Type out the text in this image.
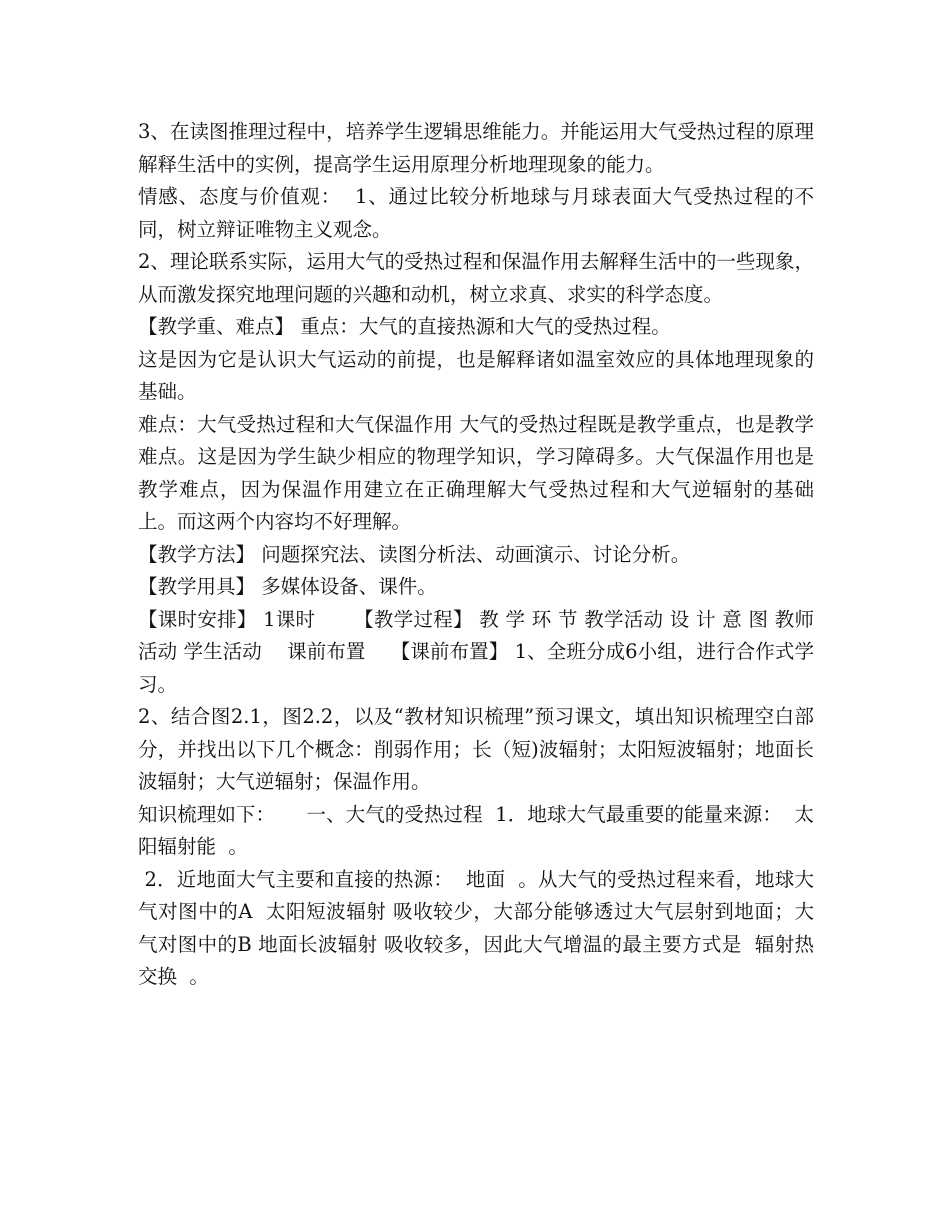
3、在读图推理过程中，培养学生逻辑思维能力。并能运用大气受热过程的原理解释生活中的实例，提高学生运用原理分析地理现象的能力。

情感、态度与价值观：  1、通过比较分析地球与月球表面大气受热过程的不同，树立辩证唯物主义观念。

2、理论联系实际，运用大气的受热过程和保温作用去解释生活中的一些现象，从而激发探究地理问题的兴趣和动机，树立求真、求实的科学态度。

【教学重、难点】 重点：大气的直接热源和大气的受热过程。

这是因为它是认识大气运动的前提，也是解释诸如温室效应的具体地理现象的基础。

难点：大气受热过程和大气保温作用 大气的受热过程既是教学重点，也是教学难点。这是因为学生缺少相应的物理学知识，学习障碍多。大气保温作用也是教学难点，因为保温作用建立在正确理解大气受热过程和大气逆辐射的基础上。而这两个内容均不好理解。

【教学方法】 问题探究法、读图分析法、动画演示、讨论分析。

【教学用具】 多媒体设备、课件。

【课时安排】 1课时      【教学过程】 教 学 环 节 教学活动 设 计 意 图 教师活动 学生活动    课前布置    【课前布置】 1、全班分成6小组，进行合作式学习。

2、结合图2.1，图2.2，以及“教材知识梳理”预习课文，填出知识梳理空白部分，并找出以下几个概念：削弱作用；长（短)波辐射；太阳短波辐射；地面长波辐射；大气逆辐射；保温作用。

知识梳理如下：     一、大气的受热过程  1．地球大气最重要的能量来源：  太阳辐射能  。

2．近地面大气主要和直接的热源：  地面  。从大气的受热过程来看，地球大气对图中的A  太阳短波辐射 吸收较少，大部分能够透过大气层射到地面；大气对图中的B 地面长波辐射 吸收较多，因此大气增温的最主要方式是  辐射热交换  。
